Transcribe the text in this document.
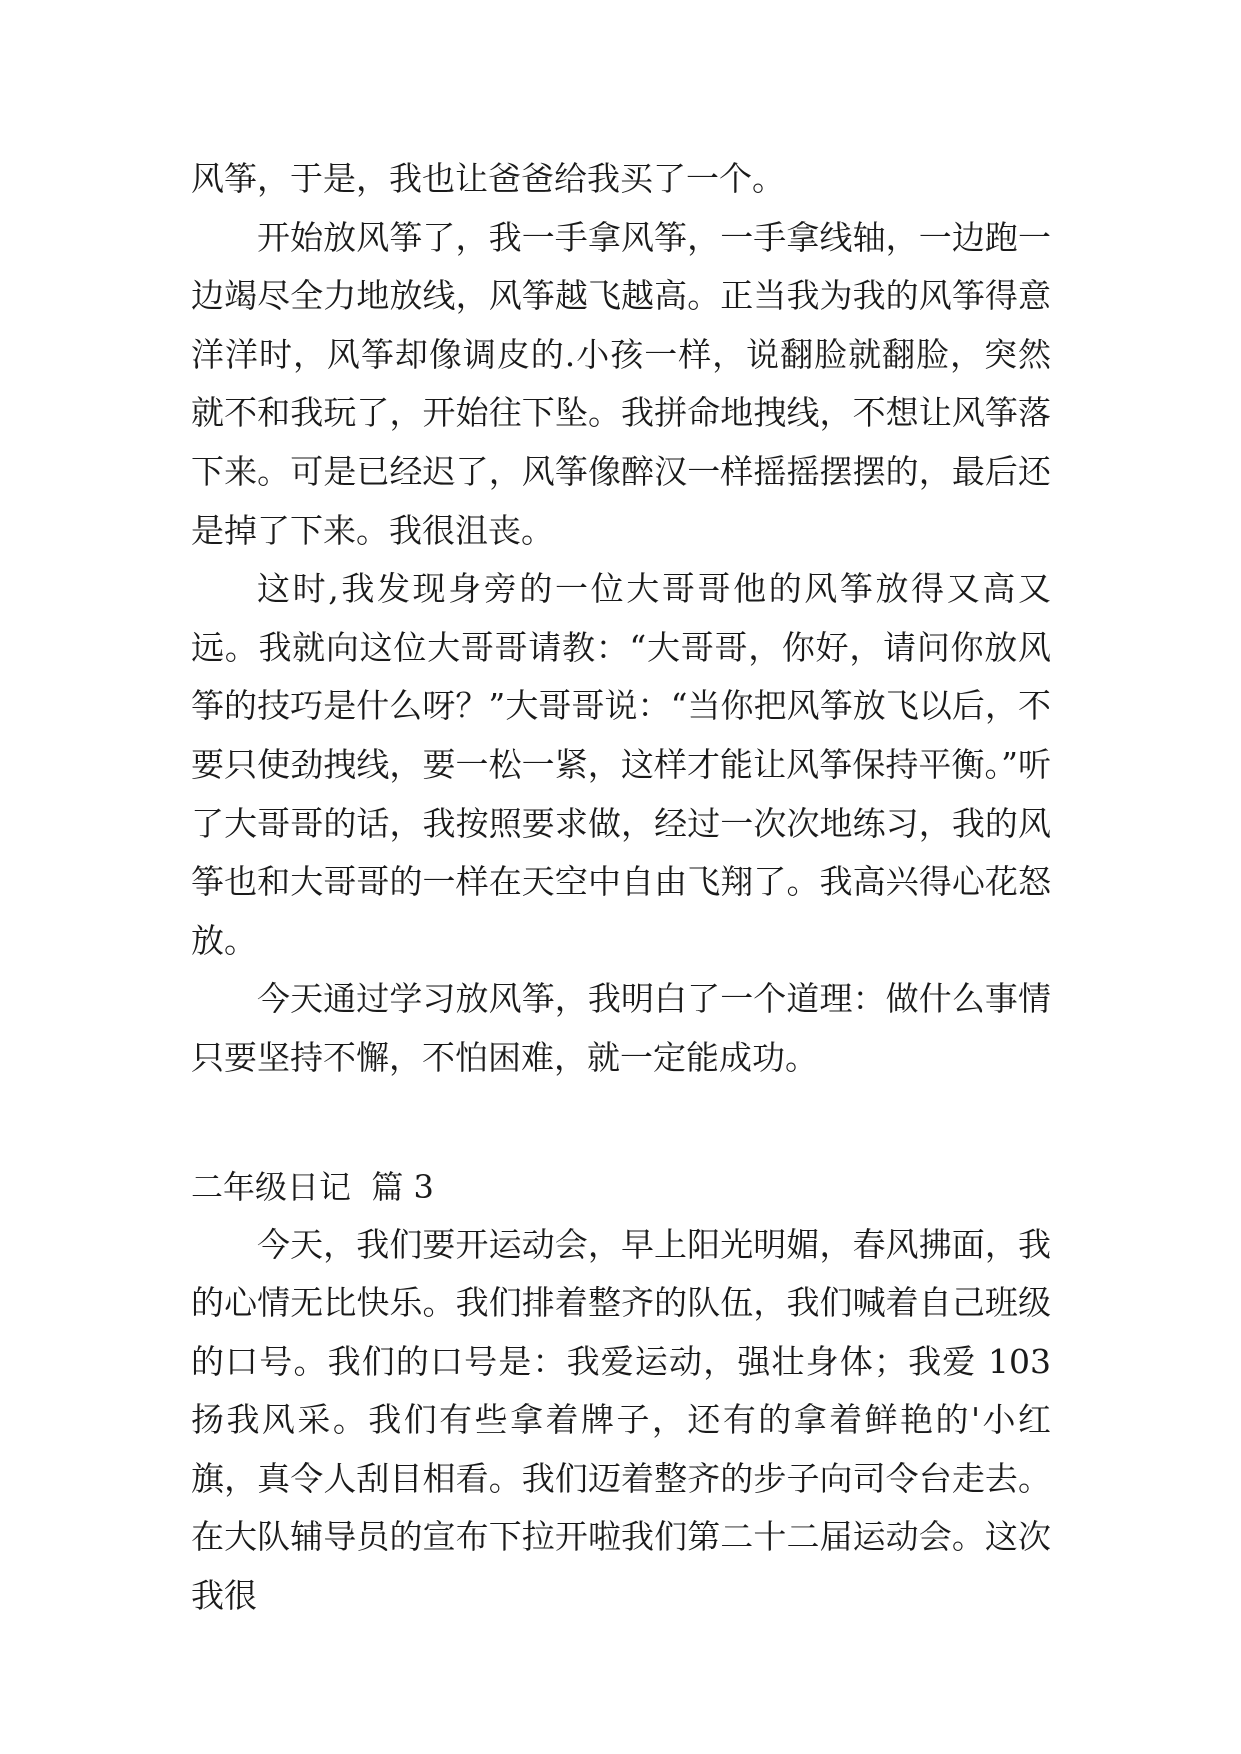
风筝，于是，我也让爸爸给我买了一个。

开始放风筝了，我一手拿风筝，一手拿线轴，一边跑一边竭尽全力地放线，风筝越飞越高。正当我为我的风筝得意洋洋时，风筝却像调皮的.小孩一样，说翻脸就翻脸，突然就不和我玩了，开始往下坠。我拼命地拽线，不想让风筝落下来。可是已经迟了，风筝像醉汉一样摇摇摆摆的，最后还是掉了下来。我很沮丧。

这时,我发现身旁的一位大哥哥他的风筝放得又高又远。我就向这位大哥哥请教：“大哥哥，你好，请问你放风筝的技巧是什么呀？”大哥哥说：“当你把风筝放飞以后，不要只使劲拽线，要一松一紧，这样才能让风筝保持平衡。”听了大哥哥的话，我按照要求做，经过一次次地练习，我的风筝也和大哥哥的一样在天空中自由飞翔了。我高兴得心花怒放。

今天通过学习放风筝，我明白了一个道理：做什么事情只要坚持不懈，不怕困难，就一定能成功。

二年级日记  篇 3

今天，我们要开运动会，早上阳光明媚，春风拂面，我的心情无比快乐。我们排着整齐的队伍，我们喊着自己班级的口号。我们的口号是：我爱运动，强壮身体；我爱 103 扬我风采。我们有些拿着牌子，还有的拿着鲜艳的'小红旗，真令人刮目相看。我们迈着整齐的步子向司令台走去。在大队辅导员的宣布下拉开啦我们第二十二届运动会。这次我很
